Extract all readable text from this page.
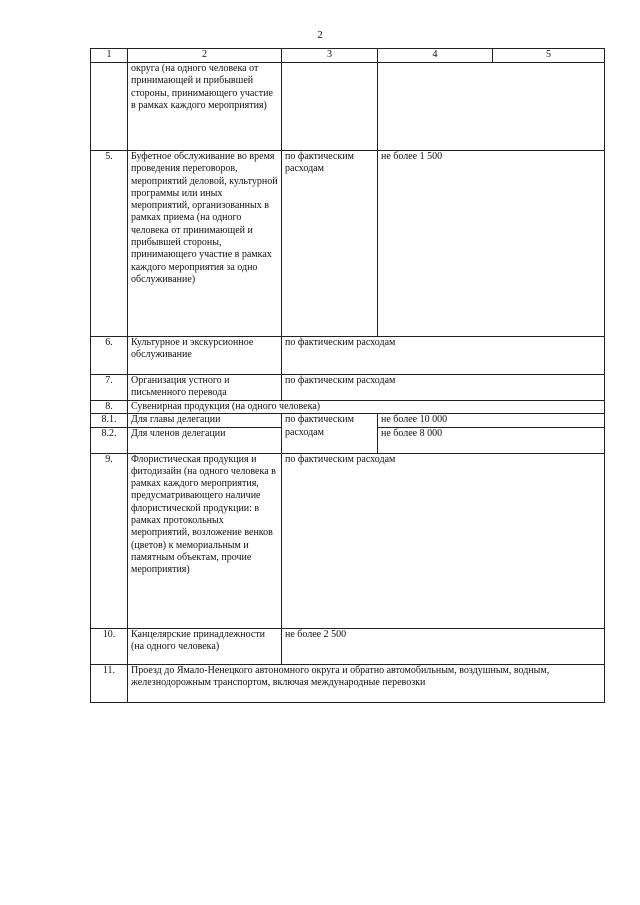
2
1	2	3	4	5
	округа (на одного человека от принимающей и прибывшей стороны, принимающего участие в рамках каждого мероприятия)			
5.	Буфетное обслуживание во время проведения переговоров, мероприятий деловой, культурной программы или иных мероприятий, организованных в рамках приема (на одного человека от принимающей и прибывшей стороны, принимающего участие в рамках каждого мероприятия за одно обслуживание)	по фактическим расходам	не более 1 500	
6.	Культурное и экскурсионное обслуживание	по фактическим расходам		
7.	Организация устного и письменного перевода	по фактическим расходам		
8.	Сувенирная продукция (на одного человека)			
8.1.	Для главы делегации	по фактическим расходам	не более 10 000	
8.2.	Для членов делегации		не более 8 000	
9.	Флористическая продукция и фитодизайн (на одного человека в рамках каждого мероприятия, предусматривающего наличие флористической продукции: в рамках протокольных мероприятий, возложение венков (цветов) к мемориальным и памятным объектам, прочие мероприятия)	по фактическим расходам		
10.	Канцелярские принадлежности (на одного человека)	не более 2 500		
11.	Проезд до Ямало-Ненецкого автономного округа и обратно автомобильным, воздушным, водным, железнодорожным транспортом, включая международные перевозки			
